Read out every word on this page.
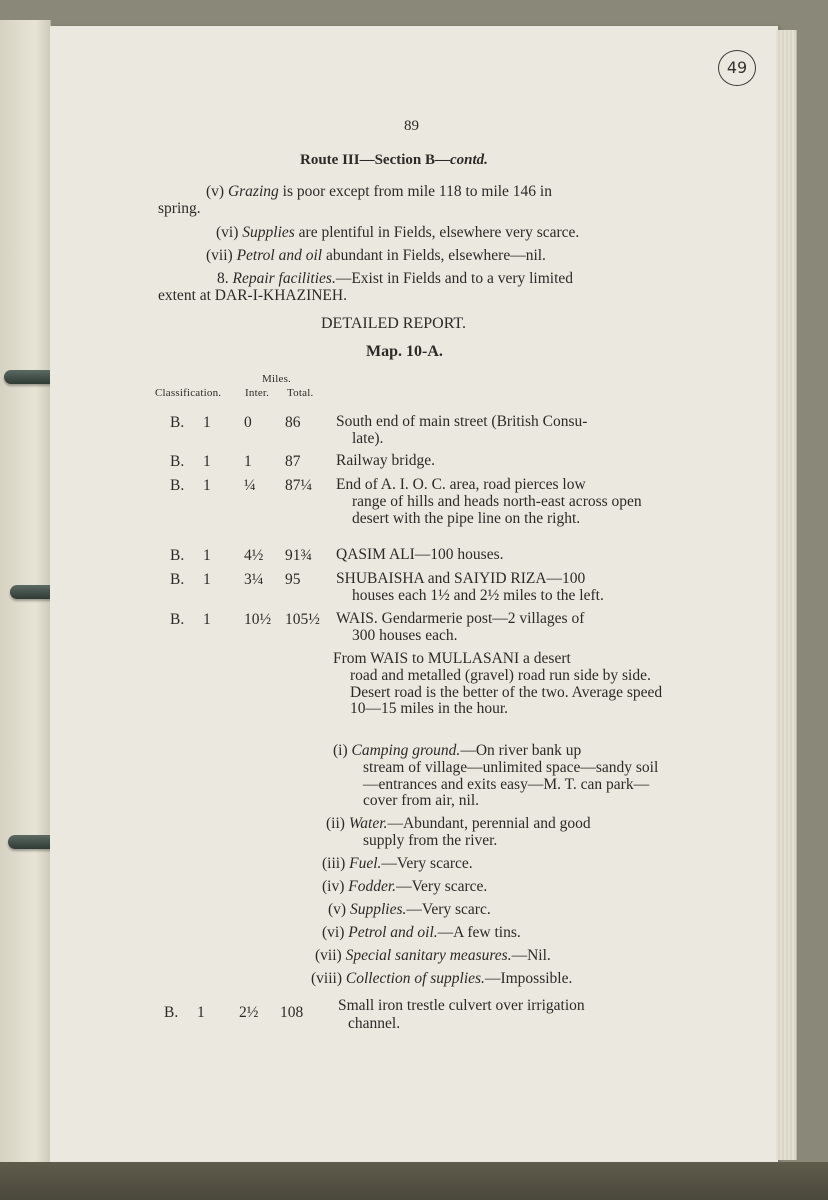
49
89
Route III—Section B—contd.
(v) Grazing is poor except from mile 118 to mile 146 in
spring.
(vi) Supplies are plentiful in Fields, elsewhere very scarce.
(vii) Petrol and oil abundant in Fields, elsewhere—nil.
8. Repair facilities.—Exist in Fields and to a very limited
extent at DAR-I-KHAZINEH.
DETAILED REPORT.
Map. 10-A.
Miles.
Classification. Inter. Total.
B. 1 0 86 South end of main street (British Consu-
late).
B. 1 1 87 Railway bridge.
B. 1 ¼ 87¼ End of A. I. O. C. area, road pierces low
range of hills and heads north-east across open desert with the pipe line on the right.
B. 1 4½ 91¾ QASIM ALI—100 houses.
B. 1 3¼ 95 SHUBAISHA and SAIYID RIZA—100
houses each 1½ and 2½ miles to the left.
B. 1 10½ 105½ WAIS. Gendarmerie post—2 villages of
300 houses each.
From WAIS to MULLASANI a desert
road and metalled (gravel) road run side by side. Desert road is the better of the two. Average speed 10—15 miles in the hour.
(i) Camping ground.—On river bank up
stream of village—unlimited space—sandy soil—entrances and exits easy—M. T. can park—cover from air, nil.
(ii) Water.—Abundant, perennial and good
supply from the river.
(iii) Fuel.—Very scarce.
(iv) Fodder.—Very scarce.
(v) Supplies.—Very scarc.
(vi) Petrol and oil.—A few tins.
(vii) Special sanitary measures.—Nil.
(viii) Collection of supplies.—Impossible.
B. 1 2½ 108 Small iron trestle culvert over irrigation
channel.
